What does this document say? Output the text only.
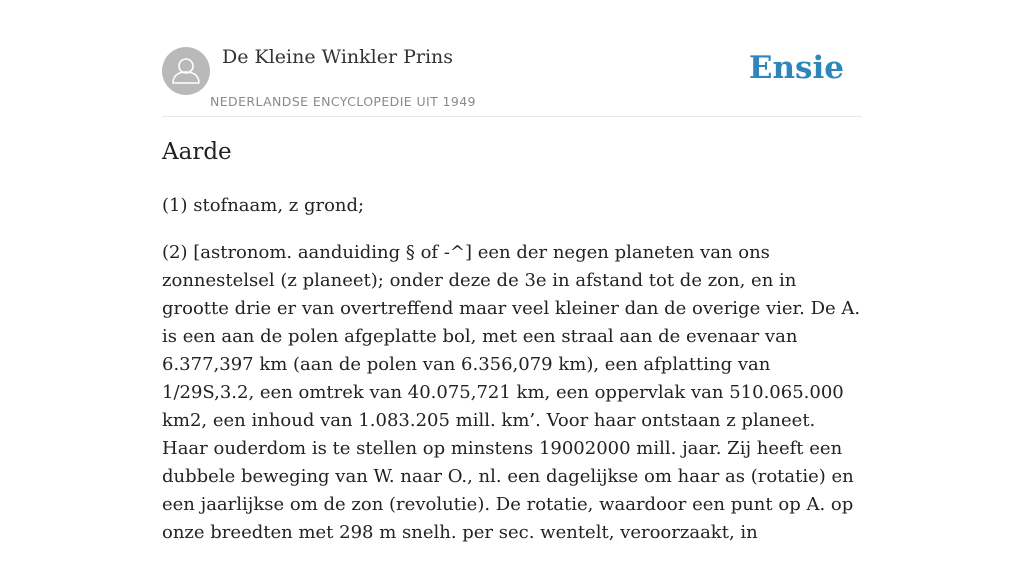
De Kleine Winkler Prins
NEDERLANDSE ENCYCLOPEDIE UIT 1949
Ensie
Aarde

(1) stofnaam, z grond;

(2) [astronom. aanduiding § of -^] een der negen planeten van ons zonnestelsel (z planeet); onder deze de 3e in afstand tot de zon, en in grootte drie er van overtreffend maar veel kleiner dan de overige vier. De A. is een aan de polen afgeplatte bol, met een straal aan de evenaar van 6.377,397 km (aan de polen van 6.356,079 km), een afplatting van 1/29S,3.2, een omtrek van 40.075,721 km, een oppervlak van 510.065.000 km2, een inhoud van 1.083.205 mill. km’. Voor haar ontstaan z planeet. Haar ouderdom is te stellen op minstens 19002000 mill. jaar. Zij heeft een dubbele beweging van W. naar O., nl. een dagelijkse om haar as (rotatie) en een jaarlijkse om de zon (revolutie). De rotatie, waardoor een punt op A. op onze breedten met 298 m snelh. per sec. wentelt, veroorzaakt, in
